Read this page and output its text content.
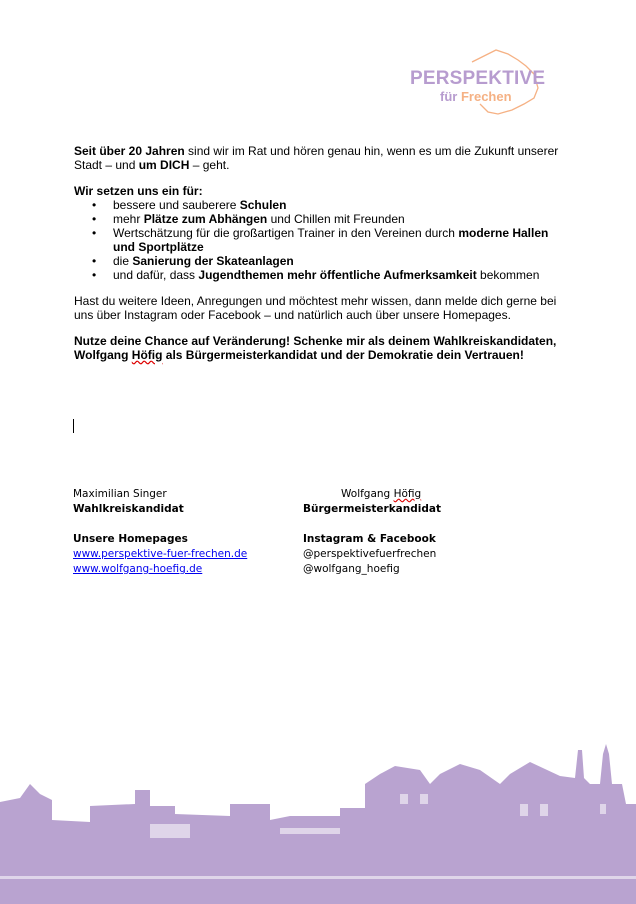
PERSPEKTIVE
für Frechen

Seit über 20 Jahren sind wir im Rat und hören genau hin, wenn es um die Zukunft unserer Stadt – und um DICH – geht.

Wir setzen uns ein für:
• bessere und sauberere Schulen
• mehr Plätze zum Abhängen und Chillen mit Freunden
• Wertschätzung für die großartigen Trainer in den Vereinen durch moderne Hallen und Sportplätze
• die Sanierung der Skateanlagen
• und dafür, dass Jugendthemen mehr öffentliche Aufmerksamkeit bekommen

Hast du weitere Ideen, Anregungen und möchtest mehr wissen, dann melde dich gerne bei uns über Instagram oder Facebook – und natürlich auch über unsere Homepages.

Nutze deine Chance auf Veränderung! Schenke mir als deinem Wahlkreiskandidaten, Wolfgang Höfig als Bürgermeisterkandidat und der Demokratie dein Vertrauen!

Maximilian Singer
Wahlkreiskandidat

Unsere Homepages
www.perspektive-fuer-frechen.de
www.wolfgang-hoefig.de
Wolfgang Höfig
Bürgermeisterkandidat

Instagram & Facebook
@perspektivefuerfrechen
@wolfgang_hoefig
